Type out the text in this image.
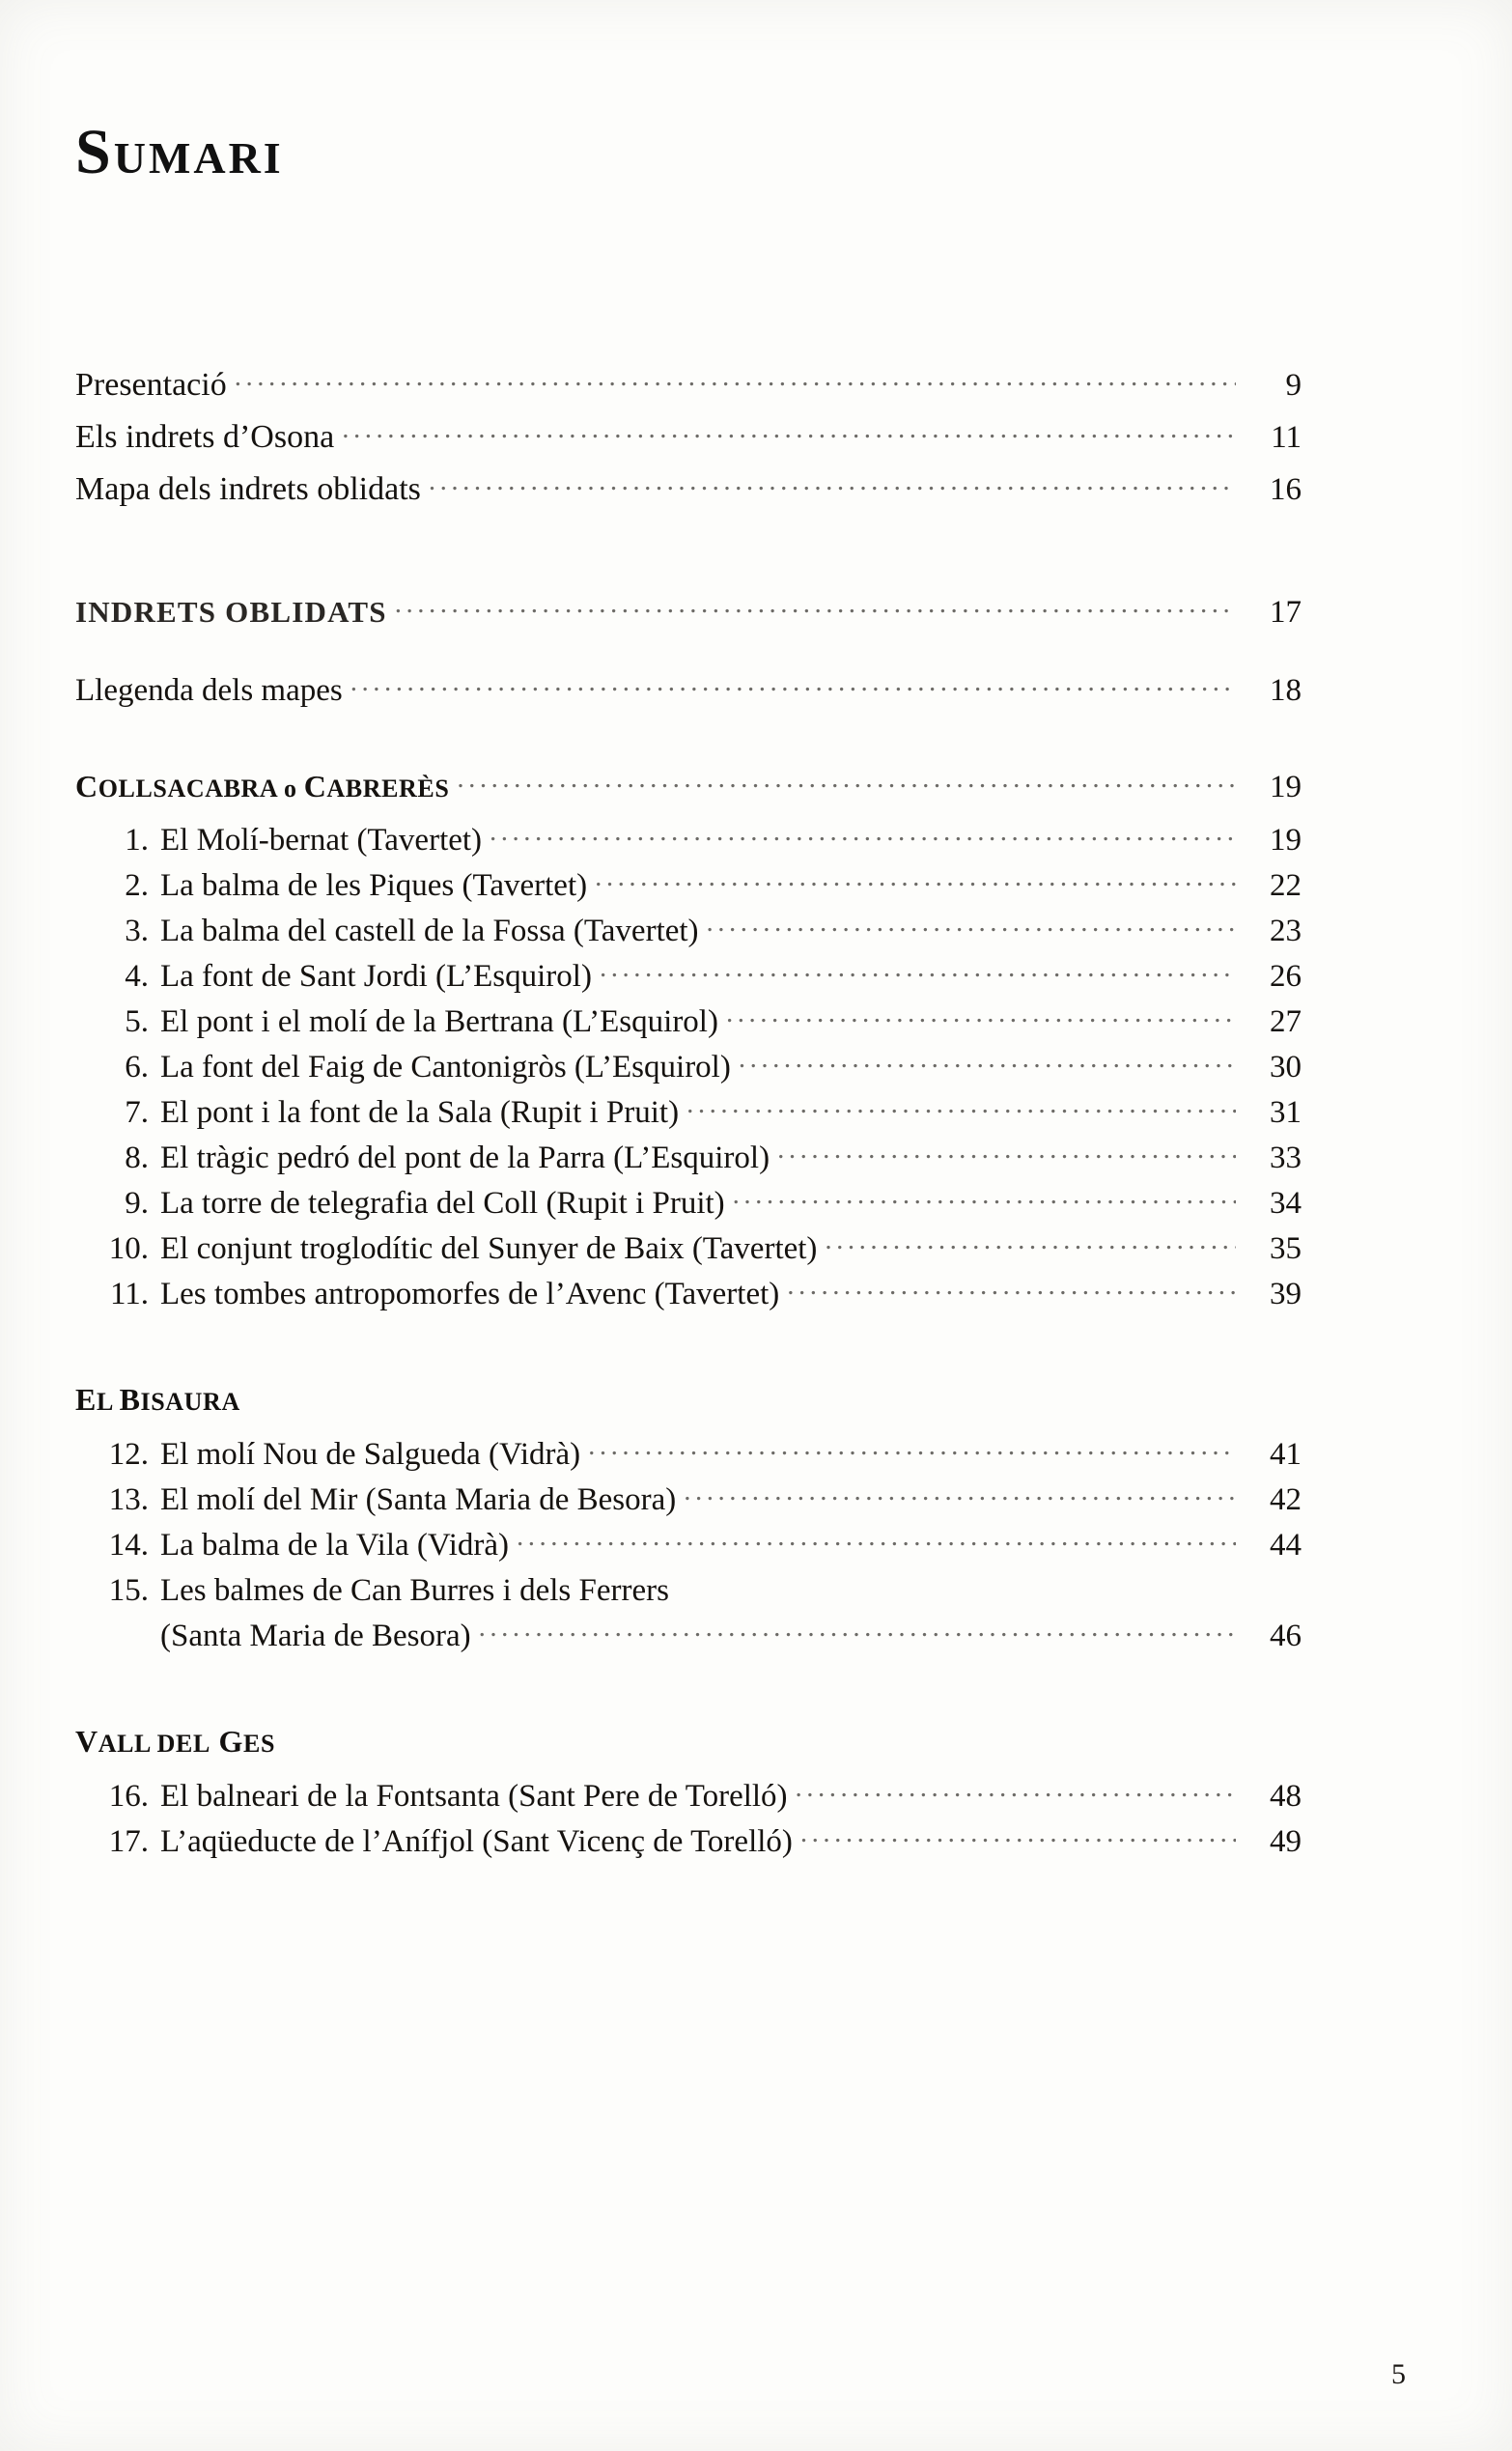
SUMARI
Presentació .....	9
Els indrets d’Osona .....	11
Mapa dels indrets oblidats .....	16
INDRETS OBLIDATS .....	17
Llegenda dels mapes .....	18
COLLSACABRA o CABRERÈS .....	19
1. El Molí-bernat (Tavertet) .....	19
2. La balma de les Piques (Tavertet) .....	22
3. La balma del castell de la Fossa (Tavertet) .....	23
4. La font de Sant Jordi (L’Esquirol) .....	26
5. El pont i el molí de la Bertrana (L’Esquirol) .....	27
6. La font del Faig de Cantonigròs (L’Esquirol) .....	30
7. El pont i la font de la Sala (Rupit i Pruit) .....	31
8. El tràgic pedró del pont de la Parra (L’Esquirol) .....	33
9. La torre de telegrafia del Coll (Rupit i Pruit) .....	34
10. El conjunt troglodític del Sunyer de Baix (Tavertet) .....	35
11. Les tombes antropomorfes de l’Avenc (Tavertet) .....	39
EL BISAURA
12. El molí Nou de Salgueda (Vidrà) .....	41
13. El molí del Mir (Santa Maria de Besora) .....	42
14. La balma de la Vila (Vidrà) .....	44
15. Les balmes de Can Burres i dels Ferrers
(Santa Maria de Besora) .....	46
VALL DEL GES
16. El balneari de la Fontsanta (Sant Pere de Torelló) .....	48
17. L’aqüeducte de l’Anífjol (Sant Vicenç de Torelló) .....	49
5
